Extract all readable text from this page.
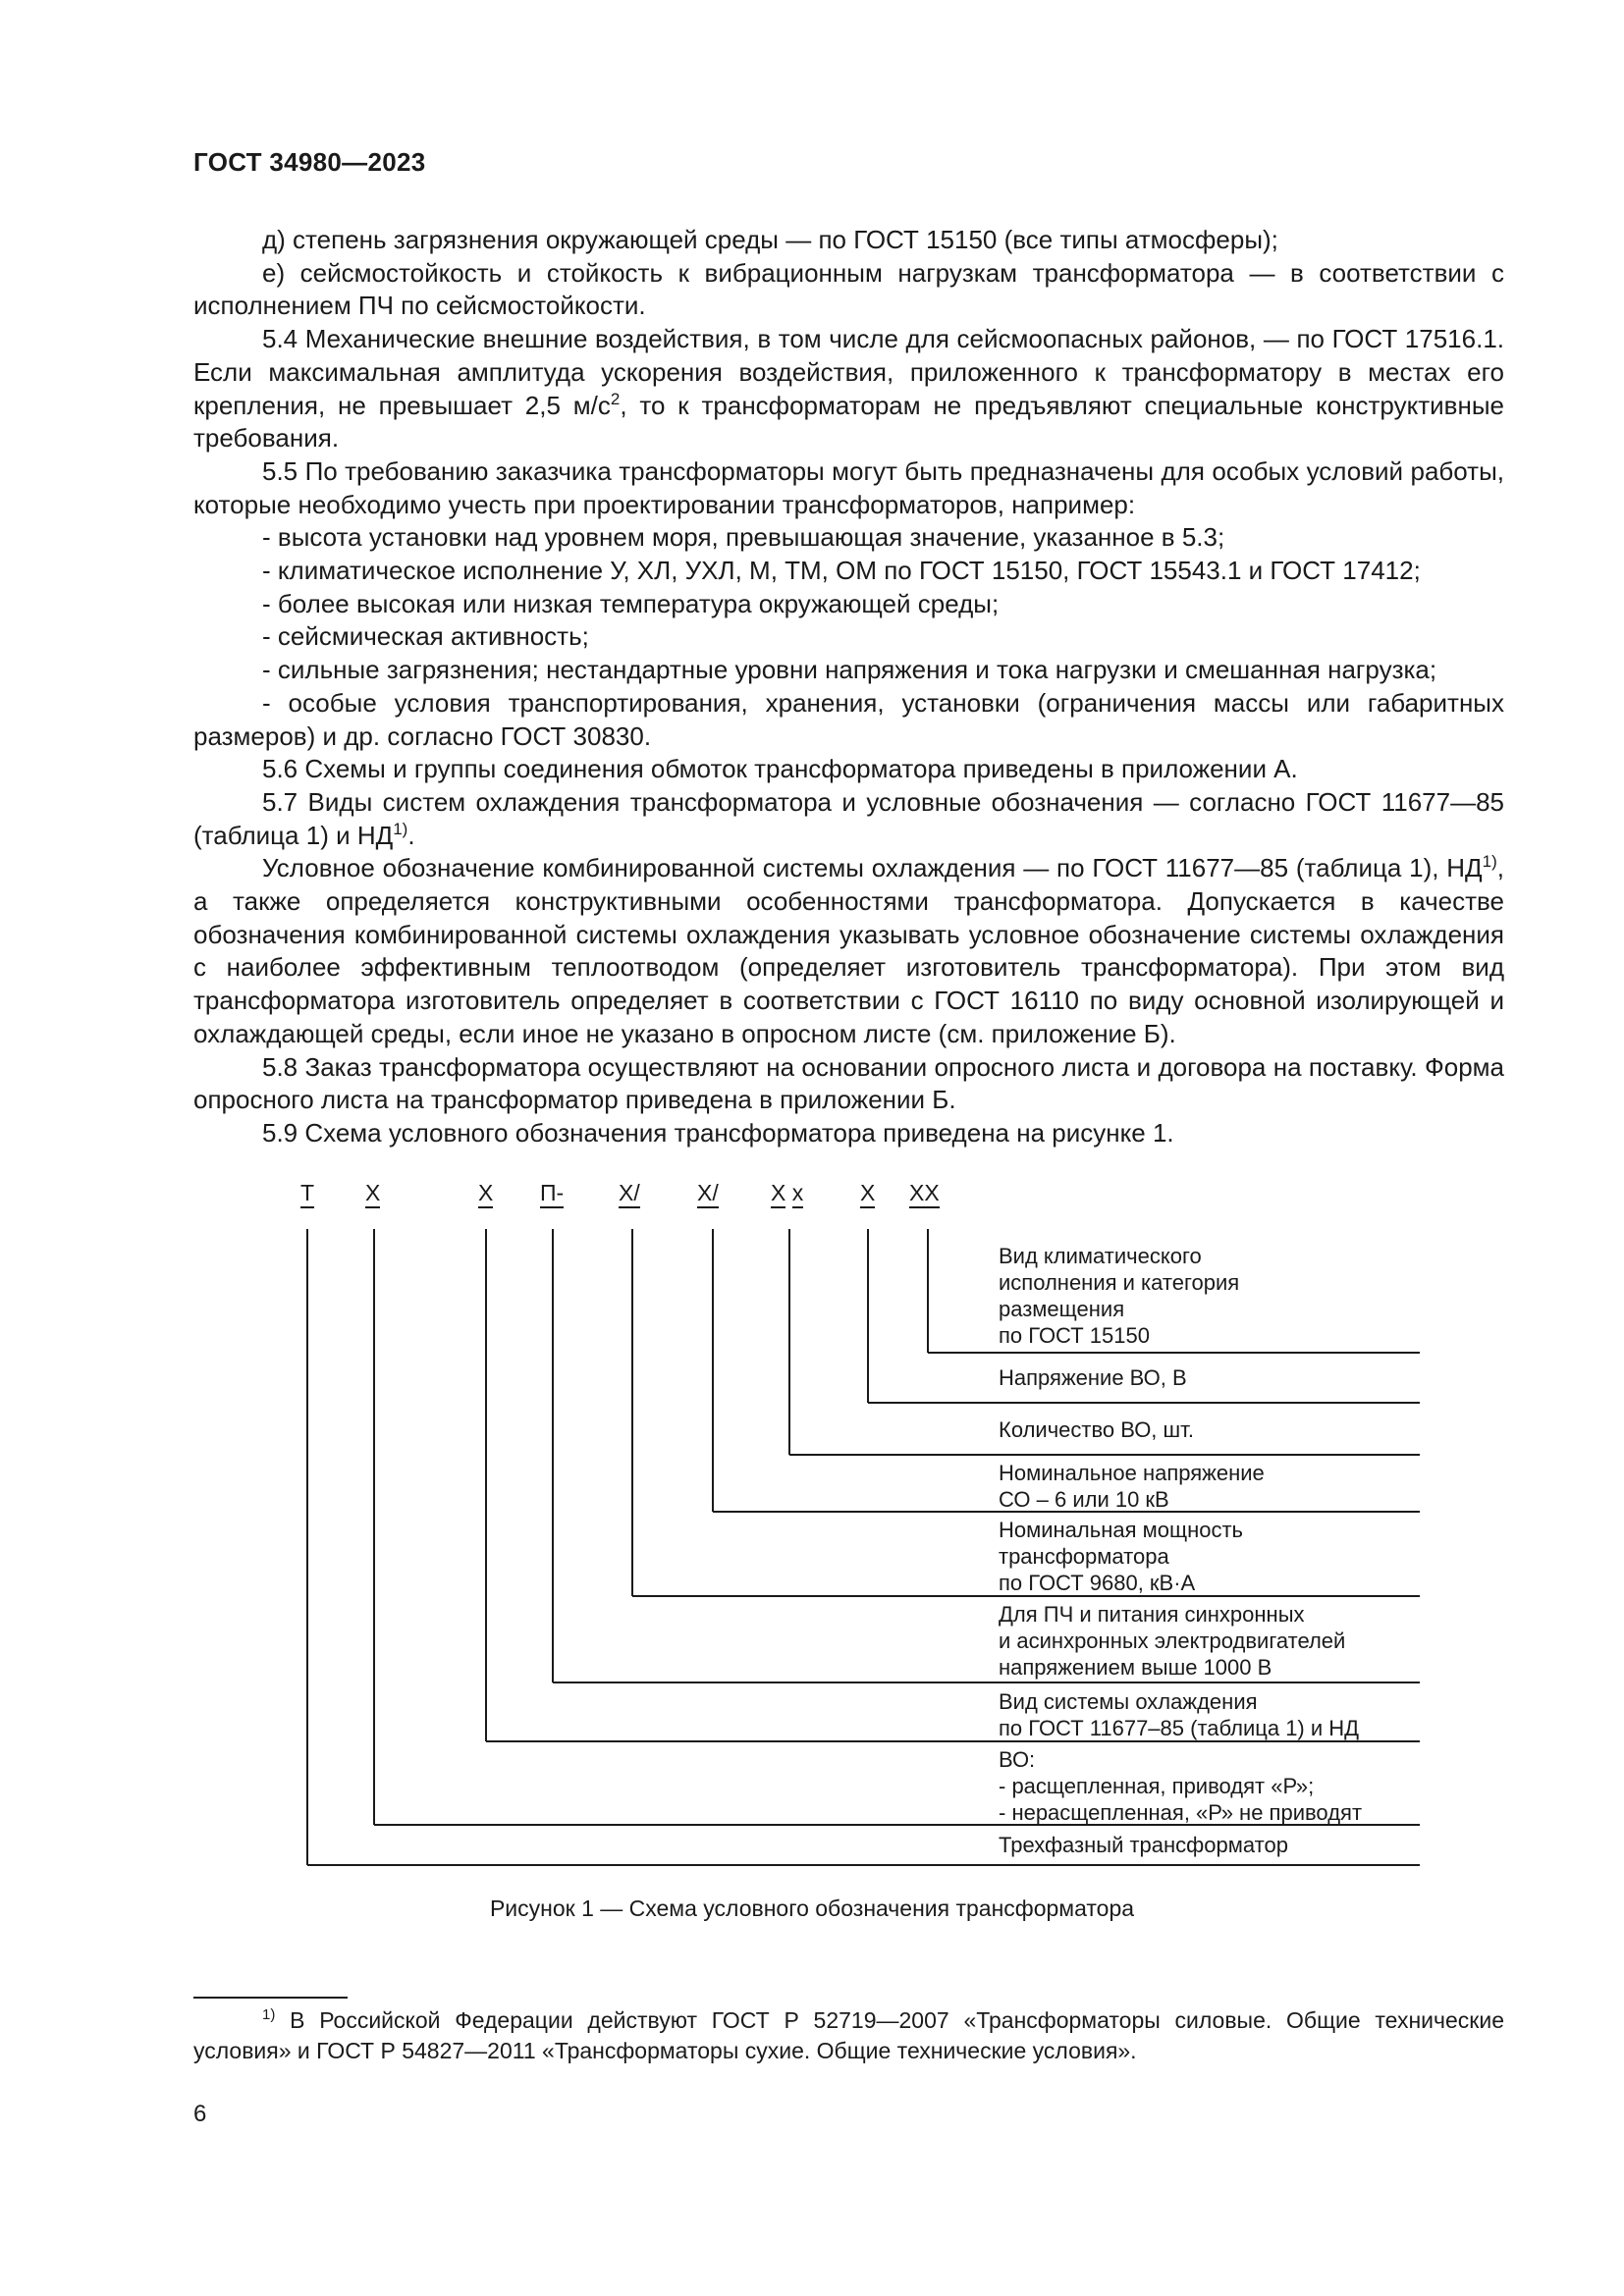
ГОСТ 34980—2023

д) степень загрязнения окружающей среды — по ГОСТ 15150 (все типы атмосферы);

е) сейсмостойкость и стойкость к вибрационным нагрузкам трансформатора — в соответствии с исполнением ПЧ по сейсмостойкости.

5.4 Механические внешние воздействия, в том числе для сейсмоопасных районов, — по ГОСТ 17516.1. Если максимальная амплитуда ускорения воздействия, приложенного к трансформатору в местах его крепления, не превышает 2,5 $м/с^2$, то к трансформаторам не предъявляют специальные конструктивные требования.

5.5 По требованию заказчика трансформаторы могут быть предназначены для особых условий работы, которые необходимо учесть при проектировании трансформаторов, например:

- высота установки над уровнем моря, превышающая значение, указанное в 5.3;

- климатическое исполнение У, ХЛ, УХЛ, М, ТМ, ОМ по ГОСТ 15150, ГОСТ 15543.1 и ГОСТ 17412;

- более высокая или низкая температура окружающей среды;

- сейсмическая активность;

- сильные загрязнения; нестандартные уровни напряжения и тока нагрузки и смешанная нагрузка;

- особые условия транспортирования, хранения, установки (ограничения массы или габаритных размеров) и др. согласно ГОСТ 30830.

5.6 Схемы и группы соединения обмоток трансформатора приведены в приложении А.

5.7 Виды систем охлаждения трансформатора и условные обозначения — согласно ГОСТ 11677—85 (таблица 1) и НД$^{1)}$.

Условное обозначение комбинированной системы охлаждения — по ГОСТ 11677—85 (таблица 1), НД$^{1)}$, а также определяется конструктивными особенностями трансформатора. Допускается в качестве обозначения комбинированной системы охлаждения указывать условное обозначение системы охлаждения с наиболее эффективным теплоотводом (определяет изготовитель трансформатора). При этом вид трансформатора изготовитель определяет в соответствии с ГОСТ 16110 по виду основной изолирующей и охлаждающей среды, если иное не указано в опросном листе (см. приложение Б).

5.8 Заказ трансформатора осуществляют на основании опросного листа и договора на поставку. Форма опросного листа на трансформатор приведена в приложении Б.

5.9 Схема условного обозначения трансформатора приведена на рисунке 1.

Т Х	Х П- Х/	Х/ Х х	Х ХХ
Вид климатического
исполнения и категория
размещения
по ГОСТ 15150
Напряжение ВО, В
Количество ВО, шт.
Номинальное напряжение
СО – 6 или 10 кВ
Номинальная мощность
трансформатора
по ГОСТ 9680, кВ·А
Для ПЧ и питания синхронных
и асинхронных электродвигателей
напряжением выше 1000 В
Вид системы охлаждения
по ГОСТ 11677–85 (таблица 1) и НД
ВО:
- расщепленная, приводят «Р»;
- нерасщепленная, «Р» не приводят
Трехфазный трансформатор
Рисунок 1 — Схема условного обозначения трансформатора
$^{1)}$ В Российской Федерации действуют ГОСТ Р 52719—2007 «Трансформаторы силовые. Общие технические условия» и ГОСТ Р 54827—2011 «Трансформаторы сухие. Общие технические условия».
6
